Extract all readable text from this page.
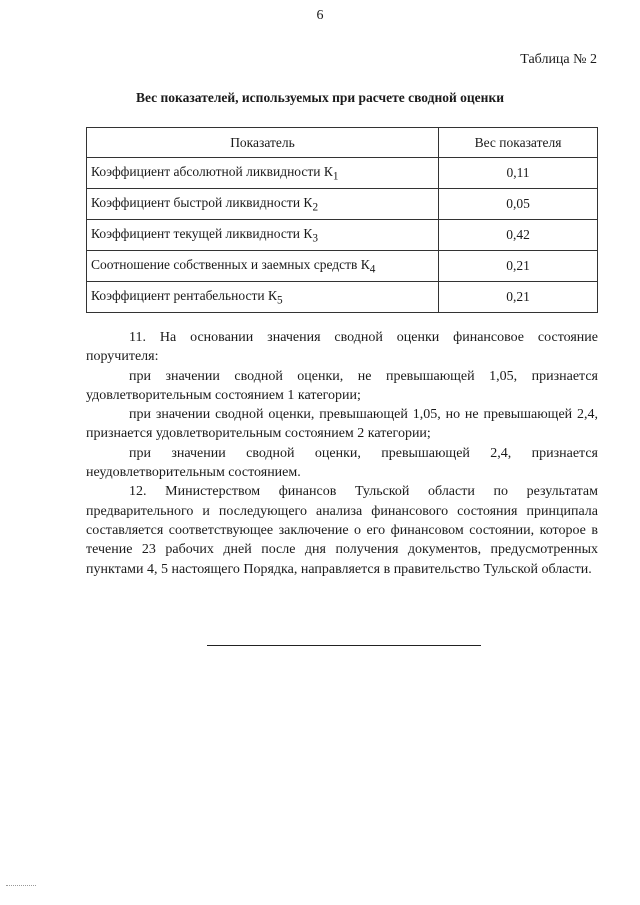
6
Таблица № 2
Вес показателей, используемых при расчете сводной оценки
Показатель	Вес показателя
Коэффициент абсолютной ликвидности $К_1$	0,11
Коэффициент быстрой ликвидности $К_2$	0,05
Коэффициент текущей ликвидности $К_3$	0,42
Соотношение собственных и заемных средств $К_4$	0,21
Коэффициент рентабельности $К_5$	0,21

11. На основании значения сводной оценки финансовое состояние поручителя:

при значении сводной оценки, не превышающей 1,05, признается удовлетворительным состоянием 1 категории;

при значении сводной оценки, превышающей 1,05, но не превышающей 2,4, признается удовлетворительным состоянием 2 категории;

при значении сводной оценки, превышающей 2,4, признается неудовлетворительным состоянием.

12. Министерством финансов Тульской области по результатам предварительного и последующего анализа финансового состояния принципала составляется соответствующее заключение о его финансовом состоянии, которое в течение 23 рабочих дней после дня получения документов, предусмотренных пунктами 4, 5 настоящего Порядка, направляется в правительство Тульской области.
